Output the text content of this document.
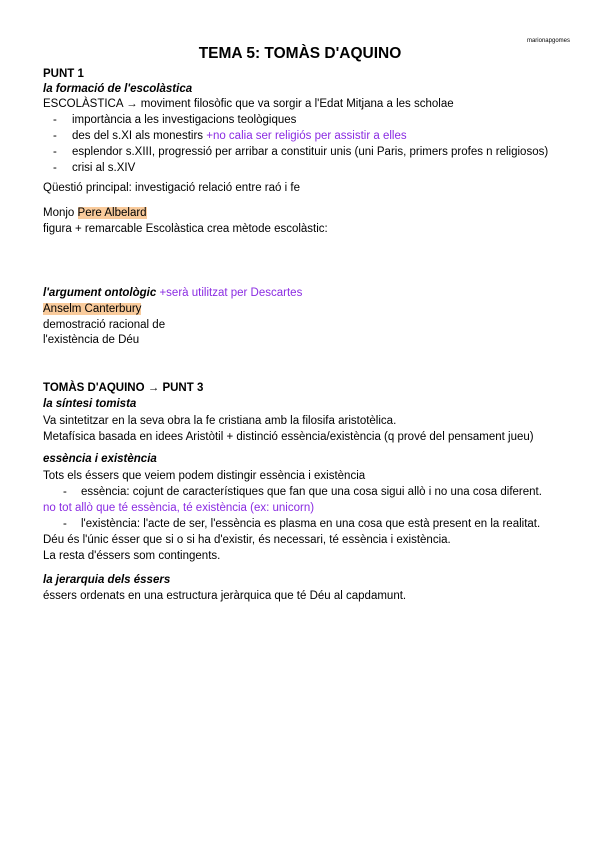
marionapgomes
TEMA 5: TOMÀS D'AQUINO
PUNT 1
la formació de l'escolàstica
ESCOLÀSTICA → moviment filosòfic que va sorgir a l'Edat Mitjana a les scholae
- importància a les investigacions teològiques
- des del s.XI als monestirs +no calia ser religiós per assistir a elles
- esplendor s.XIII, progressió per arribar a constituir unis (uni Paris, primers profes n religiosos)
- crisi al s.XIV
Qüestió principal: investigació relació entre raó i fe
Monjo Pere Albelard
figura + remarcable Escolàstica crea mètode escolàstic:
l'argument ontològic +serà utilitzat per Descartes
Anselm Canterbury
demostració racional de
l'existència de Déu
TOMÀS D'AQUINO → PUNT 3
la síntesi tomista
Va sintetitzar en la seva obra la fe cristiana amb la filosifa aristotèlica.
Metafísica basada en idees Aristòtil + distinció essència/existència (q prové del pensament jueu)
essència i existència
Tots els éssers que veiem podem distingir essència i existència
- essència: cojunt de característiques que fan que una cosa sigui allò i no una cosa diferent.
no tot allò que té essència, té existència (ex: unicorn)
- l'existència: l'acte de ser, l'essència es plasma en una cosa que està present en la realitat.
Déu és l'únic ésser que si o si ha d'existir, és necessari, té essència i existència.
La resta d'éssers som contingents.
la jerarquia dels éssers
éssers ordenats en una estructura jeràrquica que té Déu al capdamunt.
